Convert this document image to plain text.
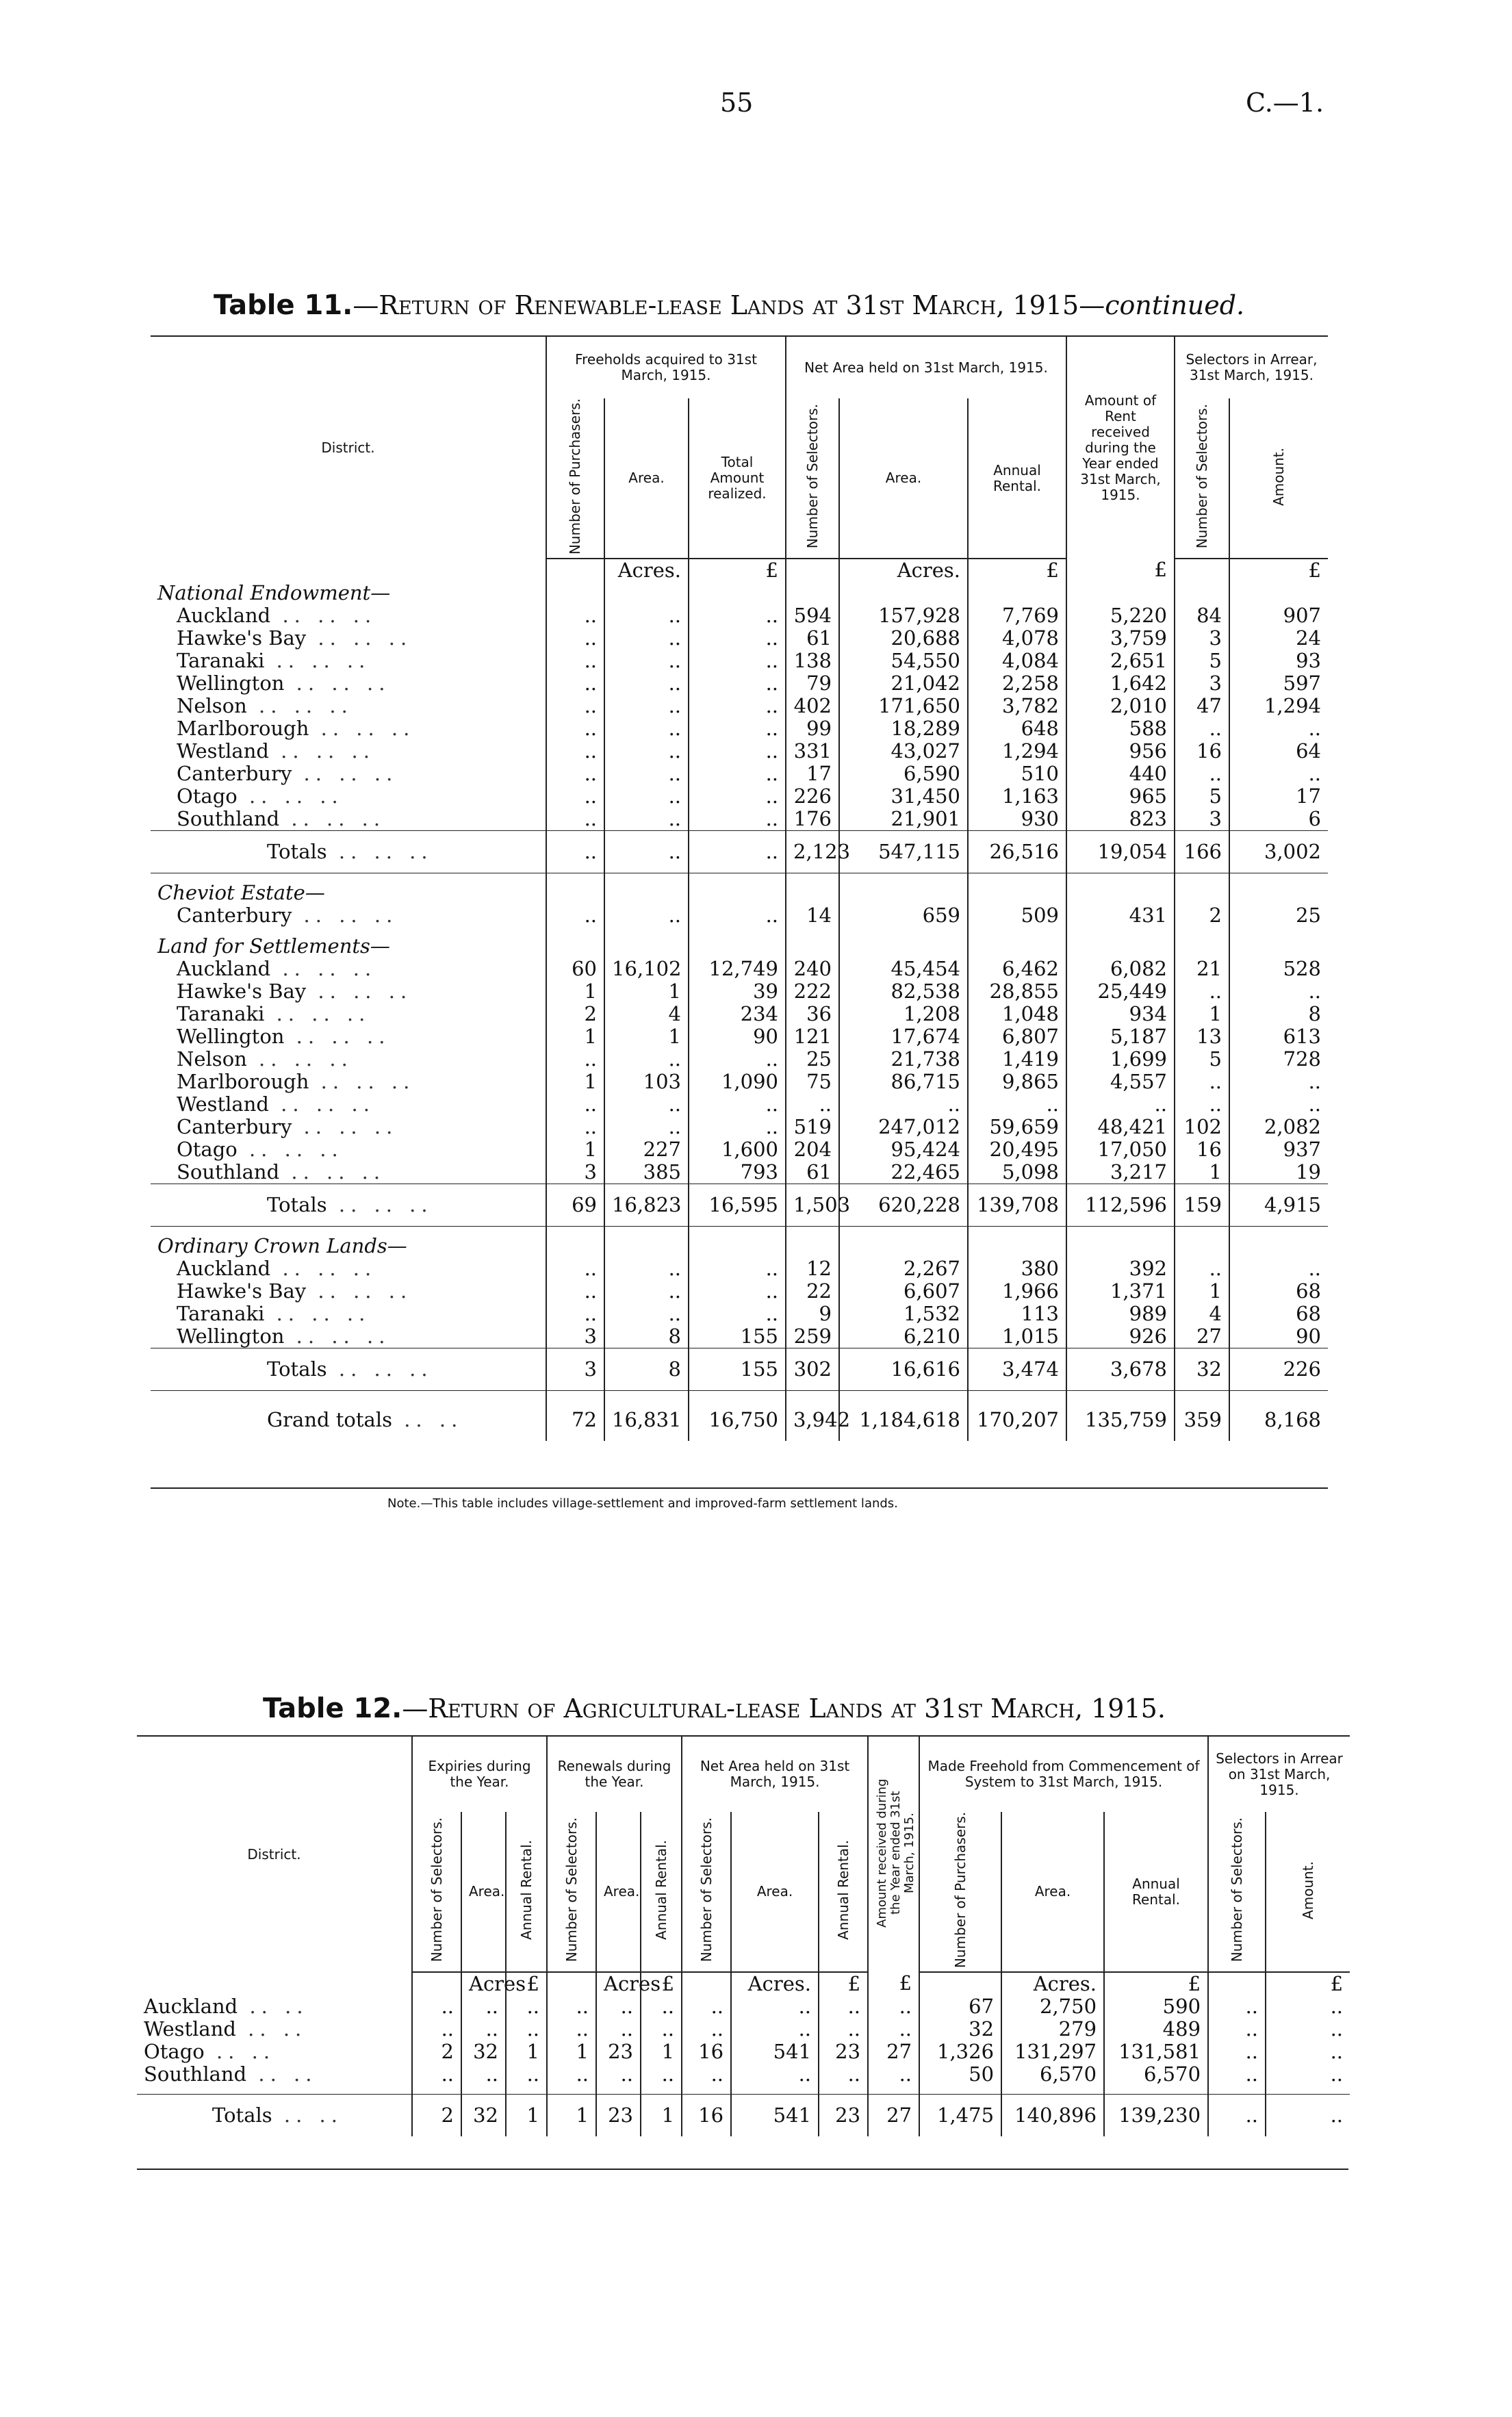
55	C.—1.
Table 11.—Return of Renewable-lease Lands at 31st March, 1915—continued.
District.	Freeholds acquired to 31st March, 1915.			Net Area held on 31st March, 1915.			Amount of Rent received during the Year ended 31st March, 1915.	Selectors in Arrear, 31st March, 1915.	
	Number of Purchasers.	Area.	Total Amount realized.	Number of Selectors.	Area.	Annual Rental.		Number of Selectors.	Amount.
		Acres.	£		Acres.	£	£		£
National Endowment—									
Auckland .. .. ..	..	..	..	594	157,928	7,769	5,220	84	907
Hawke's Bay .. .. ..	..	..	..	61	20,688	4,078	3,759	3	24
Taranaki .. .. ..	..	..	..	138	54,550	4,084	2,651	5	93
Wellington .. .. ..	..	..	..	79	21,042	2,258	1,642	3	597
Nelson .. .. ..	..	..	..	402	171,650	3,782	2,010	47	1,294
Marlborough .. .. ..	..	..	..	99	18,289	648	588	..	..
Westland .. .. ..	..	..	..	331	43,027	1,294	956	16	64
Canterbury .. .. ..	..	..	..	17	6,590	510	440	..	..
Otago .. .. ..	..	..	..	226	31,450	1,163	965	5	17
Southland .. .. ..	..	..	..	176	21,901	930	823	3	6
Totals .. .. ..	..	..	..	2,123	547,115	26,516	19,054	166	3,002

Cheviot Estate—									
Canterbury .. .. ..	..	..	..	14	659	509	431	2	25

Land for Settlements—									
Auckland .. .. ..	60	16,102	12,749	240	45,454	6,462	6,082	21	528
Hawke's Bay .. .. ..	1	1	39	222	82,538	28,855	25,449	..	..
Taranaki .. .. ..	2	4	234	36	1,208	1,048	934	1	8
Wellington .. .. ..	1	1	90	121	17,674	6,807	5,187	13	613
Nelson .. .. ..	..	..	..	25	21,738	1,419	1,699	5	728
Marlborough .. .. ..	1	103	1,090	75	86,715	9,865	4,557	..	..
Westland .. .. ..	..	..	..	..	..	..	..	..	..
Canterbury .. .. ..	..	..	..	519	247,012	59,659	48,421	102	2,082
Otago .. .. ..	1	227	1,600	204	95,424	20,495	17,050	16	937
Southland .. .. ..	3	385	793	61	22,465	5,098	3,217	1	19
Totals .. .. ..	69	16,823	16,595	1,503	620,228	139,708	112,596	159	4,915

Ordinary Crown Lands—									
Auckland .. .. ..	..	..	..	12	2,267	380	392	..	..
Hawke's Bay .. .. ..	..	..	..	22	6,607	1,966	1,371	1	68
Taranaki .. .. ..	..	..	..	9	1,532	113	989	4	68
Wellington .. .. ..	3	8	155	259	6,210	1,015	926	27	90
Totals .. .. ..	3	8	155	302	16,616	3,474	3,678	32	226

Grand totals .. ..	72	16,831	16,750	3,942	1,184,618	170,207	135,759	359	8,168
Note.—This table includes village-settlement and improved-farm settlement lands.
Table 12.—Return of Agricultural-lease Lands at 31st March, 1915.
District.	Expiries during the Year.			Renewals during the Year.			Net Area held on 31st March, 1915.			Amount received during the Year ended 31st March, 1915.	Made Freehold from Commencement of System to 31st March, 1915.			Selectors in Arrear on 31st March, 1915.	
	Number of Selectors.	Area.	Annual Rental.	Number of Selectors.	Area.	Annual Rental.	Number of Selectors.	Area.	Annual Rental.		Number of Purchasers.	Area.	Annual Rental.	Number of Selectors.	Amount.
		Acres	£		Acres	£		Acres.	£	£		Acres.	£		£
Auckland .. ..	..	..	..	..	..	..	..	..	..	..	67	2,750	590	..	..
Westland .. ..	..	..	..	..	..	..	..	..	..	..	32	279	489	..	..
Otago .. ..	2	32	1	1	23	1	16	541	23	27	1,326	131,297	131,581	..	..
Southland .. ..	..	..	..	..	..	..	..	..	..	..	50	6,570	6,570	..	..

Totals .. ..	2	32	1	1	23	1	16	541	23	27	1,475	140,896	139,230	..	..
